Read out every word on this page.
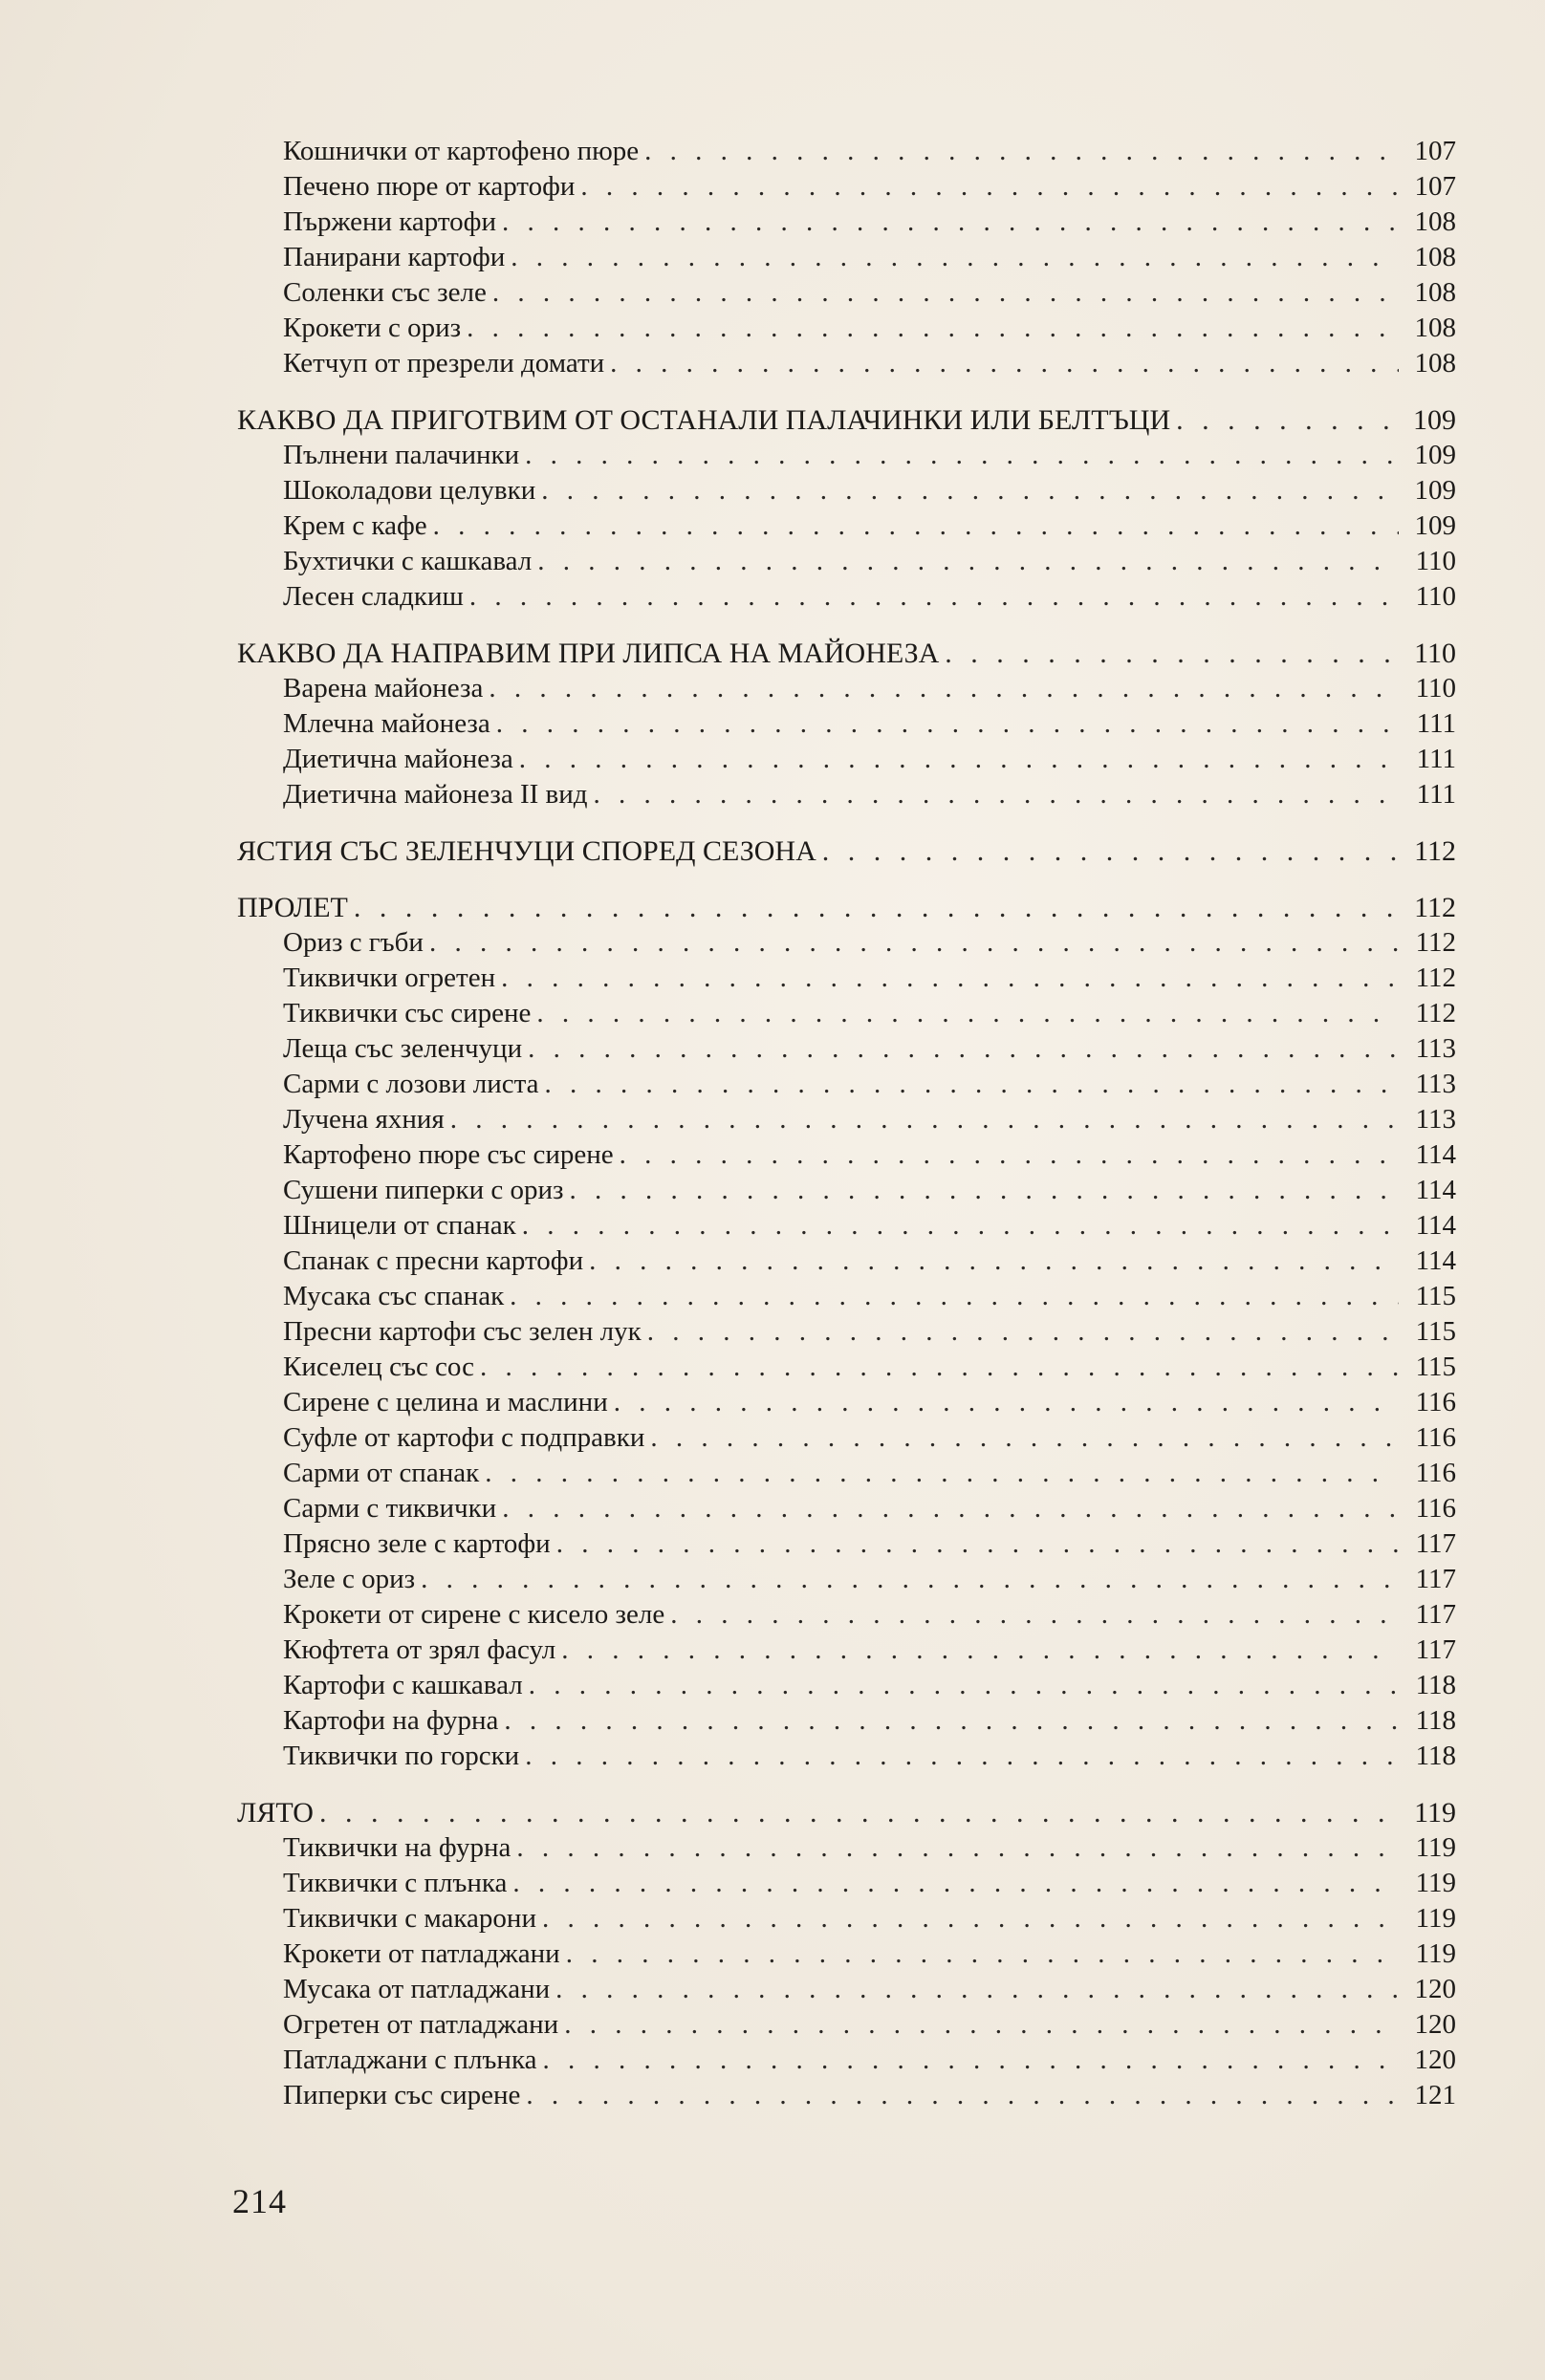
Кошнички от картофено пюре . . .	107
Печено пюре от картофи . . .	107
Пържени картофи . . .	108
Панирани картофи . . .	108
Соленки със зеле . . .	108
Крокети с ориз . . .	108
Кетчуп от презрели домати . . .	108
КАКВО ДА ПРИГОТВИМ ОТ ОСТАНАЛИ ПАЛАЧИНКИ ИЛИ БЕЛТЪЦИ . . .	109
Пълнени палачинки . . .	109
Шоколадови целувки . . .	109
Крем с кафе . . .	109
Бухтички с кашкавал . . .	110
Лесен сладкиш . . .	110
КАКВО ДА НАПРАВИМ ПРИ ЛИПСА НА МАЙОНЕЗА . . .	110
Варена майонеза . . .	110
Млечна майонеза . . .	111
Диетична майонеза . . .	111
Диетична майонеза II вид . . .	111
ЯСТИЯ СЪС ЗЕЛЕНЧУЦИ СПОРЕД СЕЗОНА . . .	112
ПРОЛЕТ . . .	112
Ориз с гъби . . .	112
Тиквички огретен . . .	112
Тиквички със сирене . . .	112
Леща със зеленчуци . . .	113
Сарми с лозови листа . . .	113
Лучена яхния . . .	113
Картофено пюре със сирене . . .	114
Сушени пиперки с ориз . . .	114
Шницели от спанак . . .	114
Спанак с пресни картофи . . .	114
Мусака със спанак . . .	115
Пресни картофи със зелен лук . . .	115
Киселец със сос . . .	115
Сирене с целина и маслини . . .	116
Суфле от картофи с подправки . . .	116
Сарми от спанак . . .	116
Сарми с тиквички . . .	116
Прясно зеле с картофи . . .	117
Зеле с ориз . . .	117
Крокети от сирене с кисело зеле . . .	117
Кюфтета от зрял фасул . . .	117
Картофи с кашкавал . . .	118
Картофи на фурна . . .	118
Тиквички по горски . . .	118
ЛЯТО . . .	119
Тиквички на фурна . . .	119
Тиквички с плънка . . .	119
Тиквички с макарони . . .	119
Крокети от патладжани . . .	119
Мусака от патладжани . . .	120
Огретен от патладжани . . .	120
Патладжани с плънка . . .	120
Пиперки със сирене . . .	121
214
